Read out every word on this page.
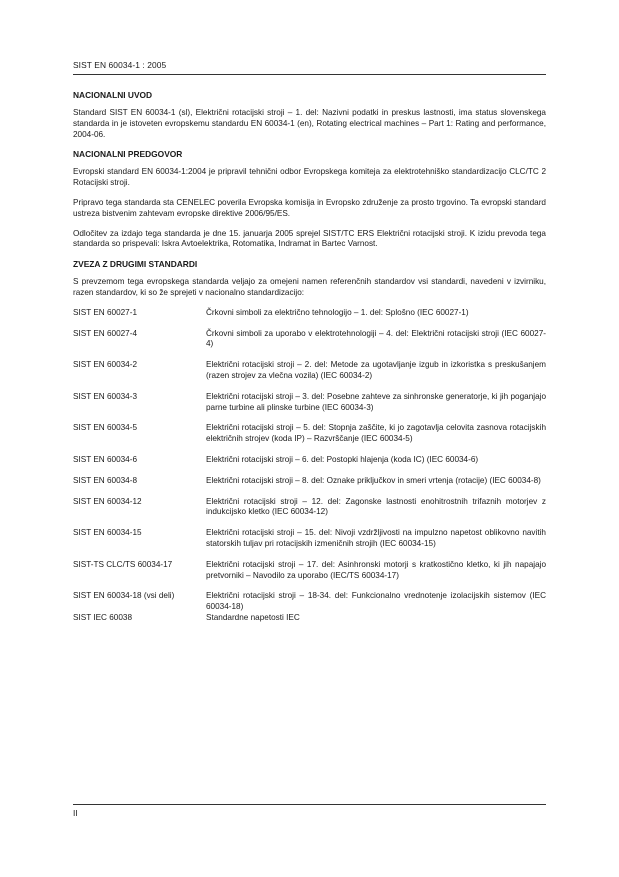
SIST EN 60034-1 : 2005
NACIONALNI UVOD

Standard SIST EN 60034-1 (sl), Električni rotacijski stroji – 1. del: Nazivni podatki in preskus lastnosti, ima status slovenskega standarda in je istoveten evropskemu standardu EN 60034-1 (en), Rotating electrical machines – Part 1: Rating and performance, 2004-06.

NACIONALNI PREDGOVOR

Evropski standard EN 60034-1:2004 je pripravil tehnični odbor Evropskega komiteja za elektrotehniško standardizacijo CLC/TC 2 Rotacijski stroji.

Pripravo tega standarda sta CENELEC poverila Evropska komisija in Evropsko združenje za prosto trgovino. Ta evropski standard ustreza bistvenim zahtevam evropske direktive 2006/95/ES.

Odločitev za izdajo tega standarda je dne 15. januarja 2005 sprejel SIST/TC ERS Električni rotacijski stroji. K izidu prevoda tega standarda so prispevali: Iskra Avtoelektrika, Rotomatika, Indramat in Bartec Varnost.

ZVEZA Z DRUGIMI STANDARDI

S prevzemom tega evropskega standarda veljajo za omejeni namen referenčnih standardov vsi standardi, navedeni v izvirniku, razen standardov, ki so že sprejeti v nacionalno standardizacijo:

SIST EN 60027-1	Črkovni simboli za električno tehnologijo – 1. del: Splošno (IEC 60027-1)
SIST EN 60027-4	Črkovni simboli za uporabo v elektrotehnologiji – 4. del: Električni rotacijski stroji (IEC 60027-4)
SIST EN 60034-2	Električni rotacijski stroji – 2. del: Metode za ugotavljanje izgub in izkoristka s preskušanjem (razen strojev za vlečna vozila) (IEC 60034-2)
SIST EN 60034-3	Električni rotacijski stroji – 3. del: Posebne zahteve za sinhronske generatorje, ki jih poganjajo parne turbine ali plinske turbine (IEC 60034-3)
SIST EN 60034-5	Električni rotacijski stroji – 5. del: Stopnja zaščite, ki jo zagotavlja celovita zasnova rotacijskih električnih strojev (koda IP) – Razvrščanje (IEC 60034-5)
SIST EN 60034-6	Električni rotacijski stroji – 6. del: Postopki hlajenja (koda IC) (IEC 60034-6)
SIST EN 60034-8	Električni rotacijski stroji – 8. del: Oznake priključkov in smeri vrtenja (rotacije) (IEC 60034-8)
SIST EN 60034-12	Električni rotacijski stroji – 12. del: Zagonske lastnosti enohitrostnih trifaznih motorjev z indukcijsko kletko (IEC 60034-12)
SIST EN 60034-15	Električni rotacijski stroji – 15. del: Nivoji vzdržljivosti na impulzno napetost oblikovno navitih statorskih tuljav pri rotacijskih izmeničnih strojih (IEC 60034-15)
SIST-TS CLC/TS 60034-17	Električni rotacijski stroji – 17. del: Asinhronski motorji s kratkostično kletko, ki jih napajajo pretvorniki – Navodilo za uporabo (IEC/TS 60034-17)
SIST EN 60034-18 (vsi deli)	Električni rotacijski stroji – 18-34. del: Funkcionalno vrednotenje izolacijskih sistemov (IEC 60034-18)
SIST IEC 60038	Standardne napetosti IEC
II
